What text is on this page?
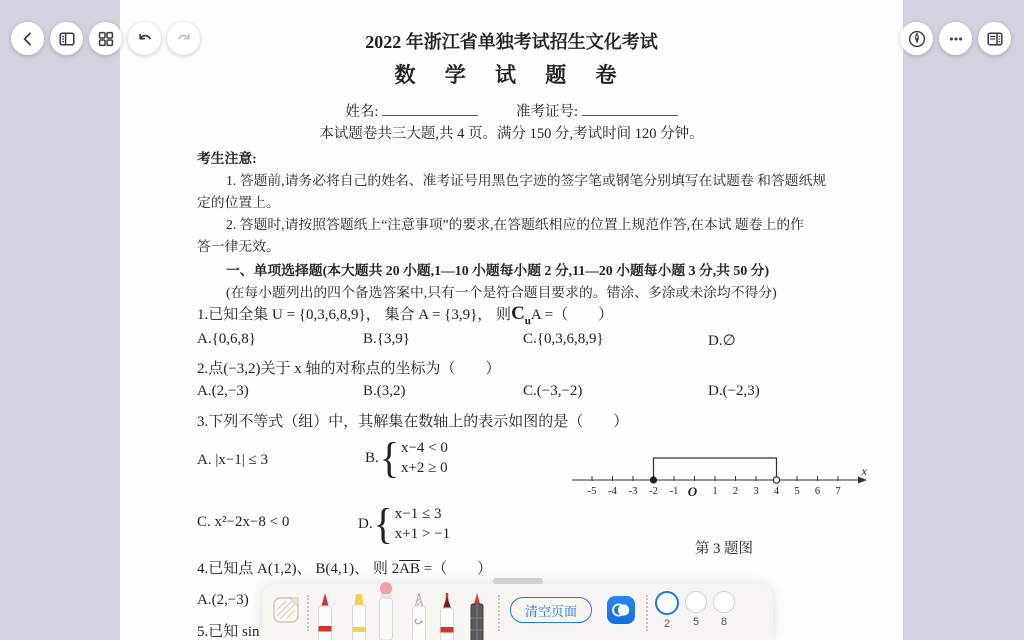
2022 年浙江省单独考试招生文化考试
数 学 试 题 卷
姓名:	准考证号:
本试题卷共三大题,共 4 页。满分 150 分,考试时间 120 分钟。
考生注意:
1. 答题前,请务必将自己的姓名、准考证号用黑色字迹的签字笔或钢笔分别填写在试题卷 和答题纸规
定的位置上。
2. 答题时,请按照答题纸上“注意事项”的要求,在答题纸相应的位置上规范作答,在本试 题卷上的作
答一律无效。
一、单项选择题(本大题共 20 小题,1—10 小题每小题 2 分,11—20 小题每小题 3 分,共 50 分)
(在每小题列出的四个备选答案中,只有一个是符合题目要求的。错涂、多涂或未涂均不得分)
1.已知全集 U = {0,3,6,8,9}， 集合 A = {3,9}， 则$C_uA$ =（　　）
A.{0,6,8}	B.{3,9}	C.{0,3,6,8,9}	D.∅
2.点(−3,2)关于 x 轴的对称点的坐标为（　　）
A.(2,−3)	B.(3,2)	C.(−3,−2)	D.(−2,3)
3.下列不等式（组）中，其解集在数轴上的表示如图的是（　　）
A. |x−1| ≤ 3	B. { x−4 < 0
x+2 ≥ 0
C. x²−2x−8 < 0	D. { x−1 ≤ 3
x+1 > −1
x
-5 -4 -3 -2 -1 O 1 2 3 4 5 6 7
第 3 题图
4.已知点 A(1,2)、 B(4,1)、 则 $2\overline{AB}$ =（　　）
A.(2,−3)
5.已知 sin
清空页面
2 5 8
